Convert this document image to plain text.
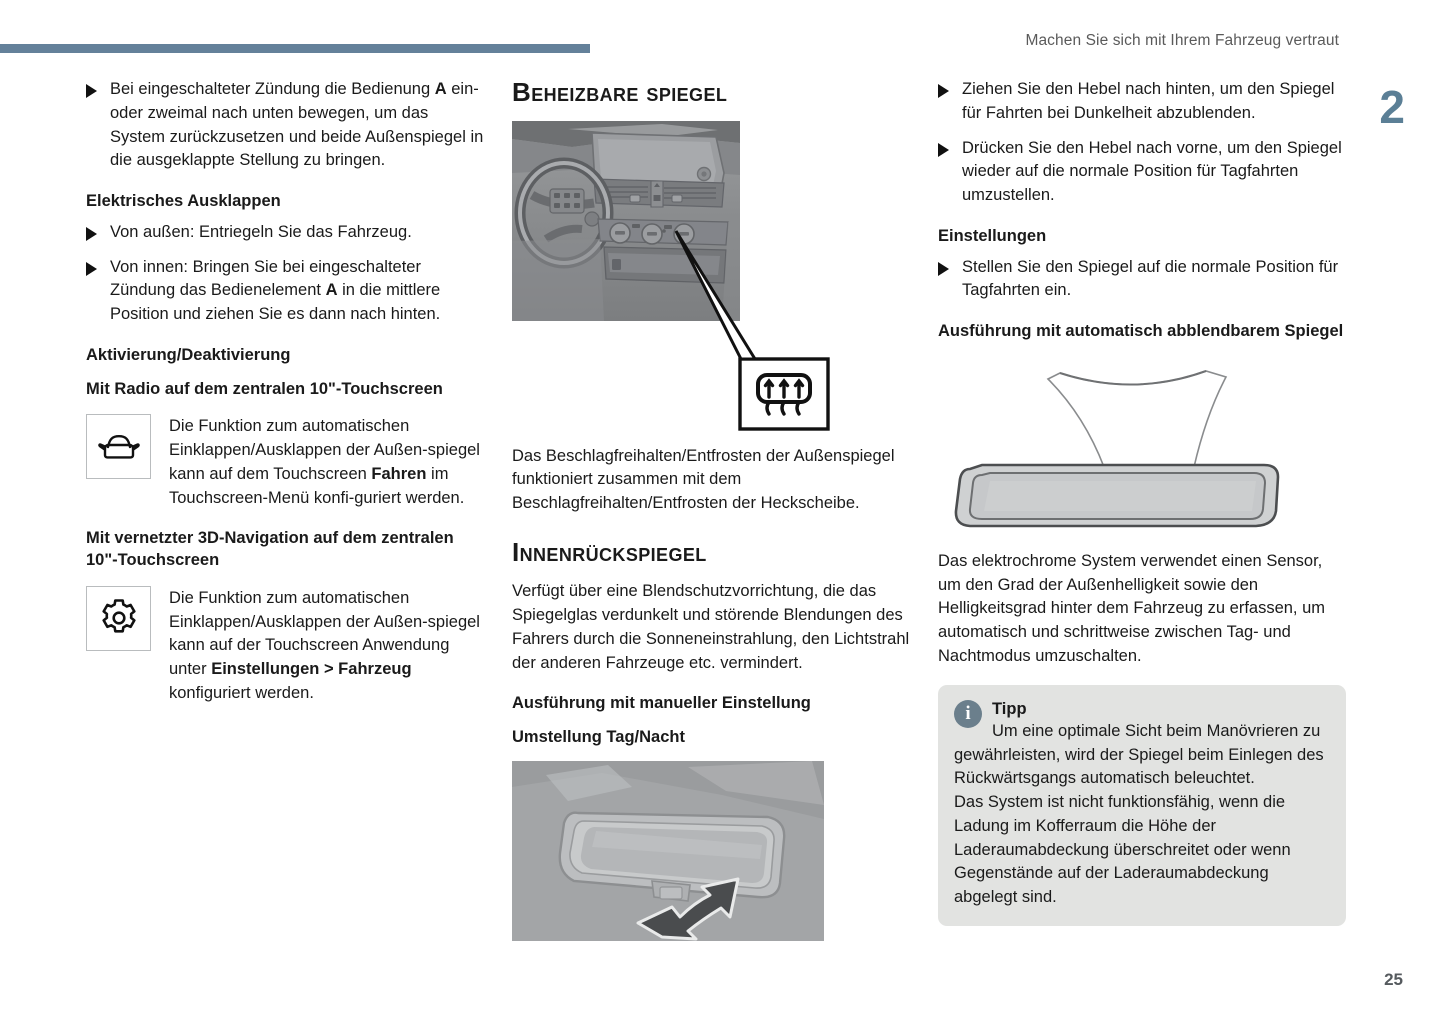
Machen Sie sich mit Ihrem Fahrzeug vertraut
2
25
Bei eingeschalteter Zündung die Bedienung A ein- oder zweimal nach unten bewegen, um das System zurückzusetzen und beide Außenspiegel in die ausgeklappte Stellung zu bringen.
Elektrisches Ausklappen
Von außen: Entriegeln Sie das Fahrzeug.
Von innen: Bringen Sie bei eingeschalteter Zündung das Bedienelement A in die mittlere Position und ziehen Sie es dann nach hinten.
Aktivierung/Deaktivierung
Mit Radio auf dem zentralen 10"-Touchscreen
Die Funktion zum automatischen Einklappen/Ausklappen der Außen-spiegel kann auf dem Touchscreen Fahren im Touchscreen-Menü konfi-guriert werden.
Mit vernetzter 3D-Navigation auf dem zentralen 10"-Touchscreen
Die Funktion zum automatischen Einklappen/Ausklappen der Außen-spiegel kann auf der Touchscreen Anwendung unter Einstellungen > Fahrzeug konfiguriert werden.
Beheizbare spiegel

Das Beschlagfreihalten/Entfrosten der Außenspiegel funktioniert zusammen mit dem Beschlagfreihalten/Entfrosten der Heckscheibe.

Innenrückspiegel

Verfügt über eine Blendschutzvorrichtung, die das Spiegelglas verdunkelt und störende Blendungen des Fahrers durch die Sonneneinstrahlung, den Lichtstrahl der anderen Fahrzeuge etc. vermindert.

Ausführung mit manueller Einstellung
Umstellung Tag/Nacht
Ziehen Sie den Hebel nach hinten, um den Spiegel für Fahrten bei Dunkelheit abzublenden.
Drücken Sie den Hebel nach vorne, um den Spiegel wieder auf die normale Position für Tagfahrten umzustellen.
Einstellungen
Stellen Sie den Spiegel auf die normale Position für Tagfahrten ein.
Ausführung mit automatisch abblendbarem Spiegel

Das elektrochrome System verwendet einen Sensor, um den Grad der Außenhelligkeit sowie den Helligkeitsgrad hinter dem Fahrzeug zu erfassen, um automatisch und schrittweise zwischen Tag- und Nachtmodus umzuschalten.

i	Tipp

Um eine optimale Sicht beim Manövrieren zu gewährleisten, wird der Spiegel beim Einlegen des Rückwärtsgangs automatisch beleuchtet.

Das System ist nicht funktionsfähig, wenn die Ladung im Kofferraum die Höhe der Laderaumabdeckung überschreitet oder wenn Gegenstände auf der Laderaumabdeckung abgelegt sind.
